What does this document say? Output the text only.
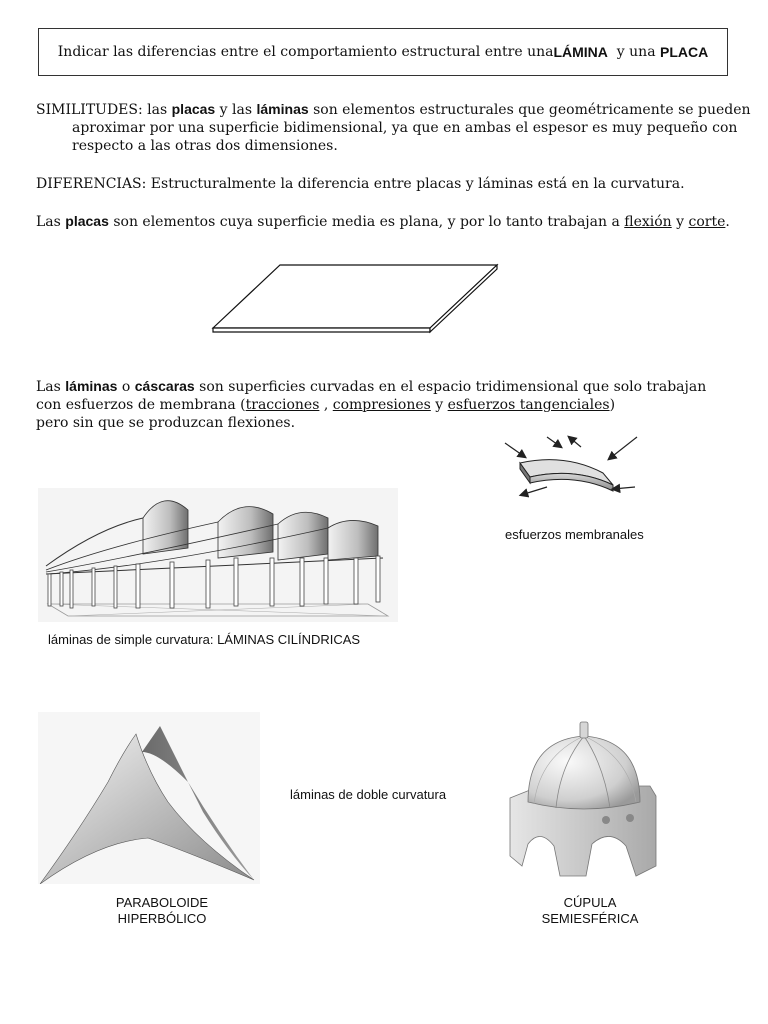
Indicar las diferencias entre el comportamiento estructural entre una LÁMINA y una PLACA
SIMILITUDES: las placas y las láminas son elementos estructurales que geométricamente se pueden
aproximar por una superficie bidimensional, ya que en ambas el espesor es muy pequeño con
respecto a las otras dos dimensiones.
DIFERENCIAS: Estructuralmente la diferencia entre placas y láminas está en la curvatura.
Las placas son elementos cuya superficie media es plana, y por lo tanto trabajan a flexión y corte.
Las láminas o cáscaras son superficies curvadas en el espacio tridimensional que solo trabajan
con esfuerzos de membrana (tracciones , compresiones y esfuerzos tangenciales)
pero sin que se produzcan flexiones.
esfuerzos membranales
láminas de simple curvatura: LÁMINAS CILÍNDRICAS
láminas de doble curvatura
PARABOLOIDE
HIPERBÓLICO
CÚPULA
SEMIESFÉRICA
